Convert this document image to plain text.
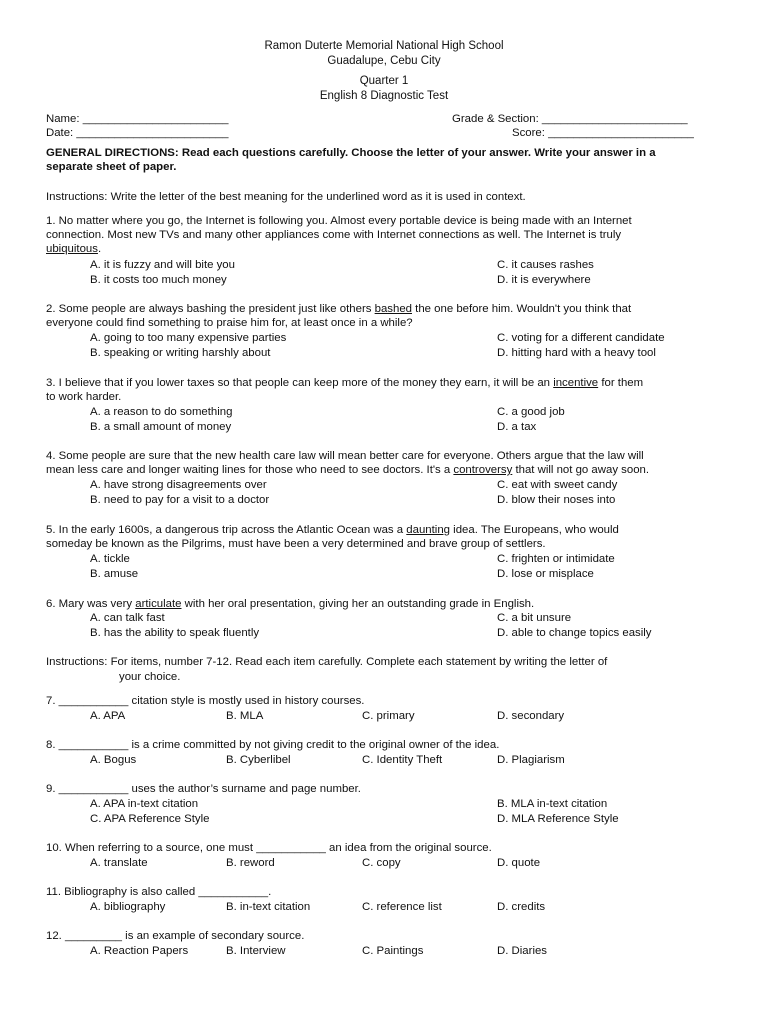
Ramon Duterte Memorial National High School
Guadalupe, Cebu City
Quarter 1
English 8 Diagnostic Test
Name: _______________________
Date: ________________________
Grade & Section: _______________________
Score: _______________________
GENERAL DIRECTIONS: Read each questions carefully. Choose the letter of your answer. Write your answer in a
separate sheet of paper.
Instructions: Write the letter of the best meaning for the underlined word as it is used in context.
1. No matter where you go, the Internet is following you. Almost every portable device is being made with an Internet
connection. Most new TVs and many other appliances come with Internet connections as well. The Internet is truly
ubiquitous.
A. it is fuzzy and will bite you
B. it costs too much money
C. it causes rashes
D. it is everywhere
2. Some people are always bashing the president just like others bashed the one before him. Wouldn't you think that
everyone could find something to praise him for, at least once in a while?
A. going to too many expensive parties
B. speaking or writing harshly about
C. voting for a different candidate
D. hitting hard with a heavy tool
3. I believe that if you lower taxes so that people can keep more of the money they earn, it will be an incentive for them
to work harder.
A. a reason to do something
B. a small amount of money
C. a good job
D. a tax
4. Some people are sure that the new health care law will mean better care for everyone. Others argue that the law will
mean less care and longer waiting lines for those who need to see doctors. It's a controversy that will not go away soon.
A. have strong disagreements over
B. need to pay for a visit to a doctor
C. eat with sweet candy
D. blow their noses into
5. In the early 1600s, a dangerous trip across the Atlantic Ocean was a daunting idea. The Europeans, who would
someday be known as the Pilgrims, must have been a very determined and brave group of settlers.
A. tickle
B. amuse
C. frighten or intimidate
D. lose or misplace
6. Mary was very articulate with her oral presentation, giving her an outstanding grade in English.
A. can talk fast
B. has the ability to speak fluently
C. a bit unsure
D. able to change topics easily
Instructions: For items, number 7-12. Read each item carefully. Complete each statement by writing the letter of
your choice.
7. ___________ citation style is mostly used in history courses.
A. APA	B. MLA	C. primary	D. secondary
8. ___________ is a crime committed by not giving credit to the original owner of the idea.
A. Bogus	B. Cyberlibel	C. Identity Theft	D. Plagiarism
9. ___________ uses the author’s surname and page number.
A. APA in-text citation
C. APA Reference Style
B. MLA in-text citation
D. MLA Reference Style
10. When referring to a source, one must ___________ an idea from the original source.
A. translate	B. reword	C. copy	D. quote
11. Bibliography is also called ___________.
A. bibliography	B. in-text citation	C. reference list	D. credits
12. _________ is an example of secondary source.
A. Reaction Papers	B. Interview	C. Paintings	D. Diaries
